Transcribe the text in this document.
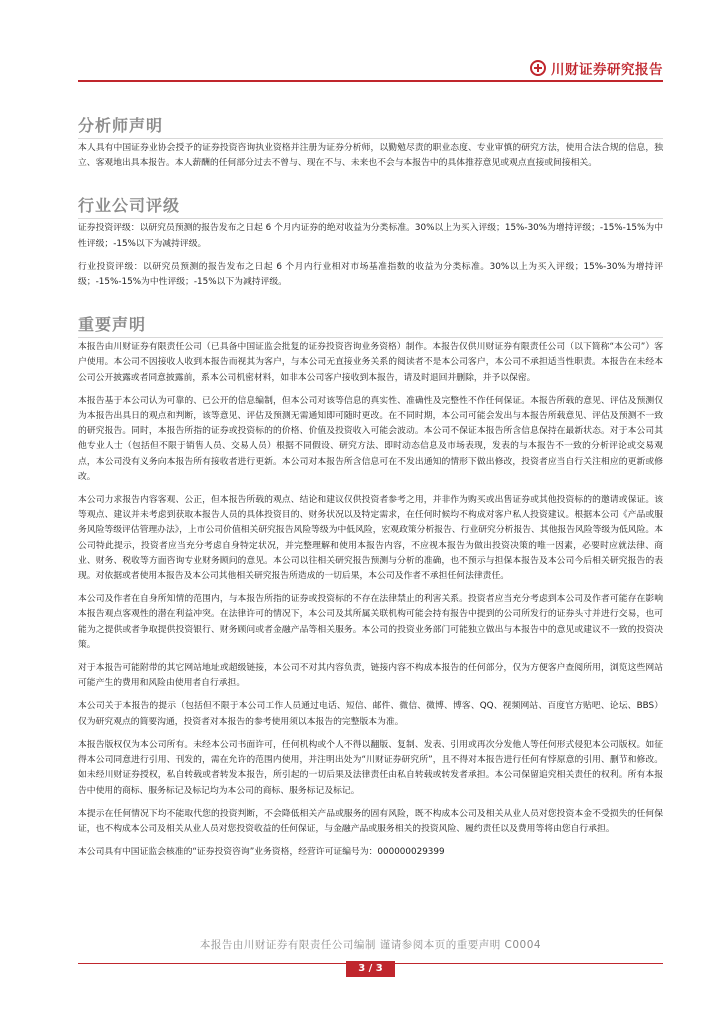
川财证券研究报告
分析师声明

本人具有中国证券业协会授予的证券投资咨询执业资格并注册为证券分析师，以勤勉尽责的职业态度、专业审慎的研究方法，使用合法合规的信息，独立、客观地出具本报告。本人薪酬的任何部分过去不曾与、现在不与、未来也不会与本报告中的具体推荐意见或观点直接或间接相关。

行业公司评级

证券投资评级：以研究员预测的报告发布之日起 6 个月内证券的绝对收益为分类标准。30%以上为买入评级；15%-30%为增持评级；-15%-15%为中性评级；-15%以下为减持评级。

行业投资评级：以研究员预测的报告发布之日起 6 个月内行业相对市场基准指数的收益为分类标准。30%以上为买入评级；15%-30%为增持评级；-15%-15%为中性评级；-15%以下为减持评级。

重要声明

本报告由川财证券有限责任公司（已具备中国证监会批复的证券投资咨询业务资格）制作。本报告仅供川财证券有限责任公司（以下简称“本公司”）客户使用。本公司不因接收人收到本报告而视其为客户，与本公司无直接业务关系的阅读者不是本公司客户，本公司不承担适当性职责。本报告在未经本公司公开披露或者同意披露前，系本公司机密材料，如非本公司客户接收到本报告，请及时退回并删除，并予以保密。

本报告基于本公司认为可靠的、已公开的信息编制，但本公司对该等信息的真实性、准确性及完整性不作任何保证。本报告所载的意见、评估及预测仅为本报告出具日的观点和判断，该等意见、评估及预测无需通知即可随时更改。在不同时期，本公司可能会发出与本报告所载意见、评估及预测不一致的研究报告。同时，本报告所指的证券或投资标的的价格、价值及投资收入可能会波动。本公司不保证本报告所含信息保持在最新状态。对于本公司其他专业人士（包括但不限于销售人员、交易人员）根据不同假设、研究方法、即时动态信息及市场表现，发表的与本报告不一致的分析评论或交易观点，本公司没有义务向本报告所有接收者进行更新。本公司对本报告所含信息可在不发出通知的情形下做出修改，投资者应当自行关注相应的更新或修改。

本公司力求报告内容客观、公正，但本报告所载的观点、结论和建议仅供投资者参考之用，并非作为购买或出售证券或其他投资标的的邀请或保证。该等观点、建议并未考虑到获取本报告人员的具体投资目的、财务状况以及特定需求，在任何时候均不构成对客户私人投资建议。根据本公司《产品或服务风险等级评估管理办法》，上市公司价值相关研究报告风险等级为中低风险，宏观政策分析报告、行业研究分析报告、其他报告风险等级为低风险。本公司特此提示，投资者应当充分考虑自身特定状况，并完整理解和使用本报告内容，不应视本报告为做出投资决策的唯一因素，必要时应就法律、商业、财务、税收等方面咨询专业财务顾问的意见。本公司以往相关研究报告预测与分析的准确，也不预示与担保本报告及本公司今后相关研究报告的表现。对依据或者使用本报告及本公司其他相关研究报告所造成的一切后果，本公司及作者不承担任何法律责任。

本公司及作者在自身所知情的范围内，与本报告所指的证券或投资标的不存在法律禁止的利害关系。投资者应当充分考虑到本公司及作者可能存在影响本报告观点客观性的潜在利益冲突。在法律许可的情况下，本公司及其所属关联机构可能会持有报告中提到的公司所发行的证券头寸并进行交易，也可能为之提供或者争取提供投资银行、财务顾问或者金融产品等相关服务。本公司的投资业务部门可能独立做出与本报告中的意见或建议不一致的投资决策。

对于本报告可能附带的其它网站地址或超级链接，本公司不对其内容负责，链接内容不构成本报告的任何部分，仅为方便客户查阅所用，浏览这些网站可能产生的费用和风险由使用者自行承担。

本公司关于本报告的提示（包括但不限于本公司工作人员通过电话、短信、邮件、微信、微博、博客、QQ、视频网站、百度官方贴吧、论坛、BBS）仅为研究观点的简要沟通，投资者对本报告的参考使用须以本报告的完整版本为准。

本报告版权仅为本公司所有。未经本公司书面许可，任何机构或个人不得以翻版、复制、发表、引用或再次分发他人等任何形式侵犯本公司版权。如征得本公司同意进行引用、刊发的，需在允许的范围内使用，并注明出处为“川财证券研究所”，且不得对本报告进行任何有悖原意的引用、删节和修改。如未经川财证券授权，私自转载或者转发本报告，所引起的一切后果及法律责任由私自转载或转发者承担。本公司保留追究相关责任的权利。所有本报告中使用的商标、服务标记及标记均为本公司的商标、服务标记及标记。

本提示在任何情况下均不能取代您的投资判断，不会降低相关产品或服务的固有风险，既不构成本公司及相关从业人员对您投资本金不受损失的任何保证，也不构成本公司及相关从业人员对您投资收益的任何保证，与金融产品或服务相关的投资风险、履约责任以及费用等将由您自行承担。

本公司具有中国证监会核准的“证券投资咨询”业务资格，经营许可证编号为：000000029399

本报告由川财证券有限责任公司编制 谨请参阅本页的重要声明 C0004
3 / 3
